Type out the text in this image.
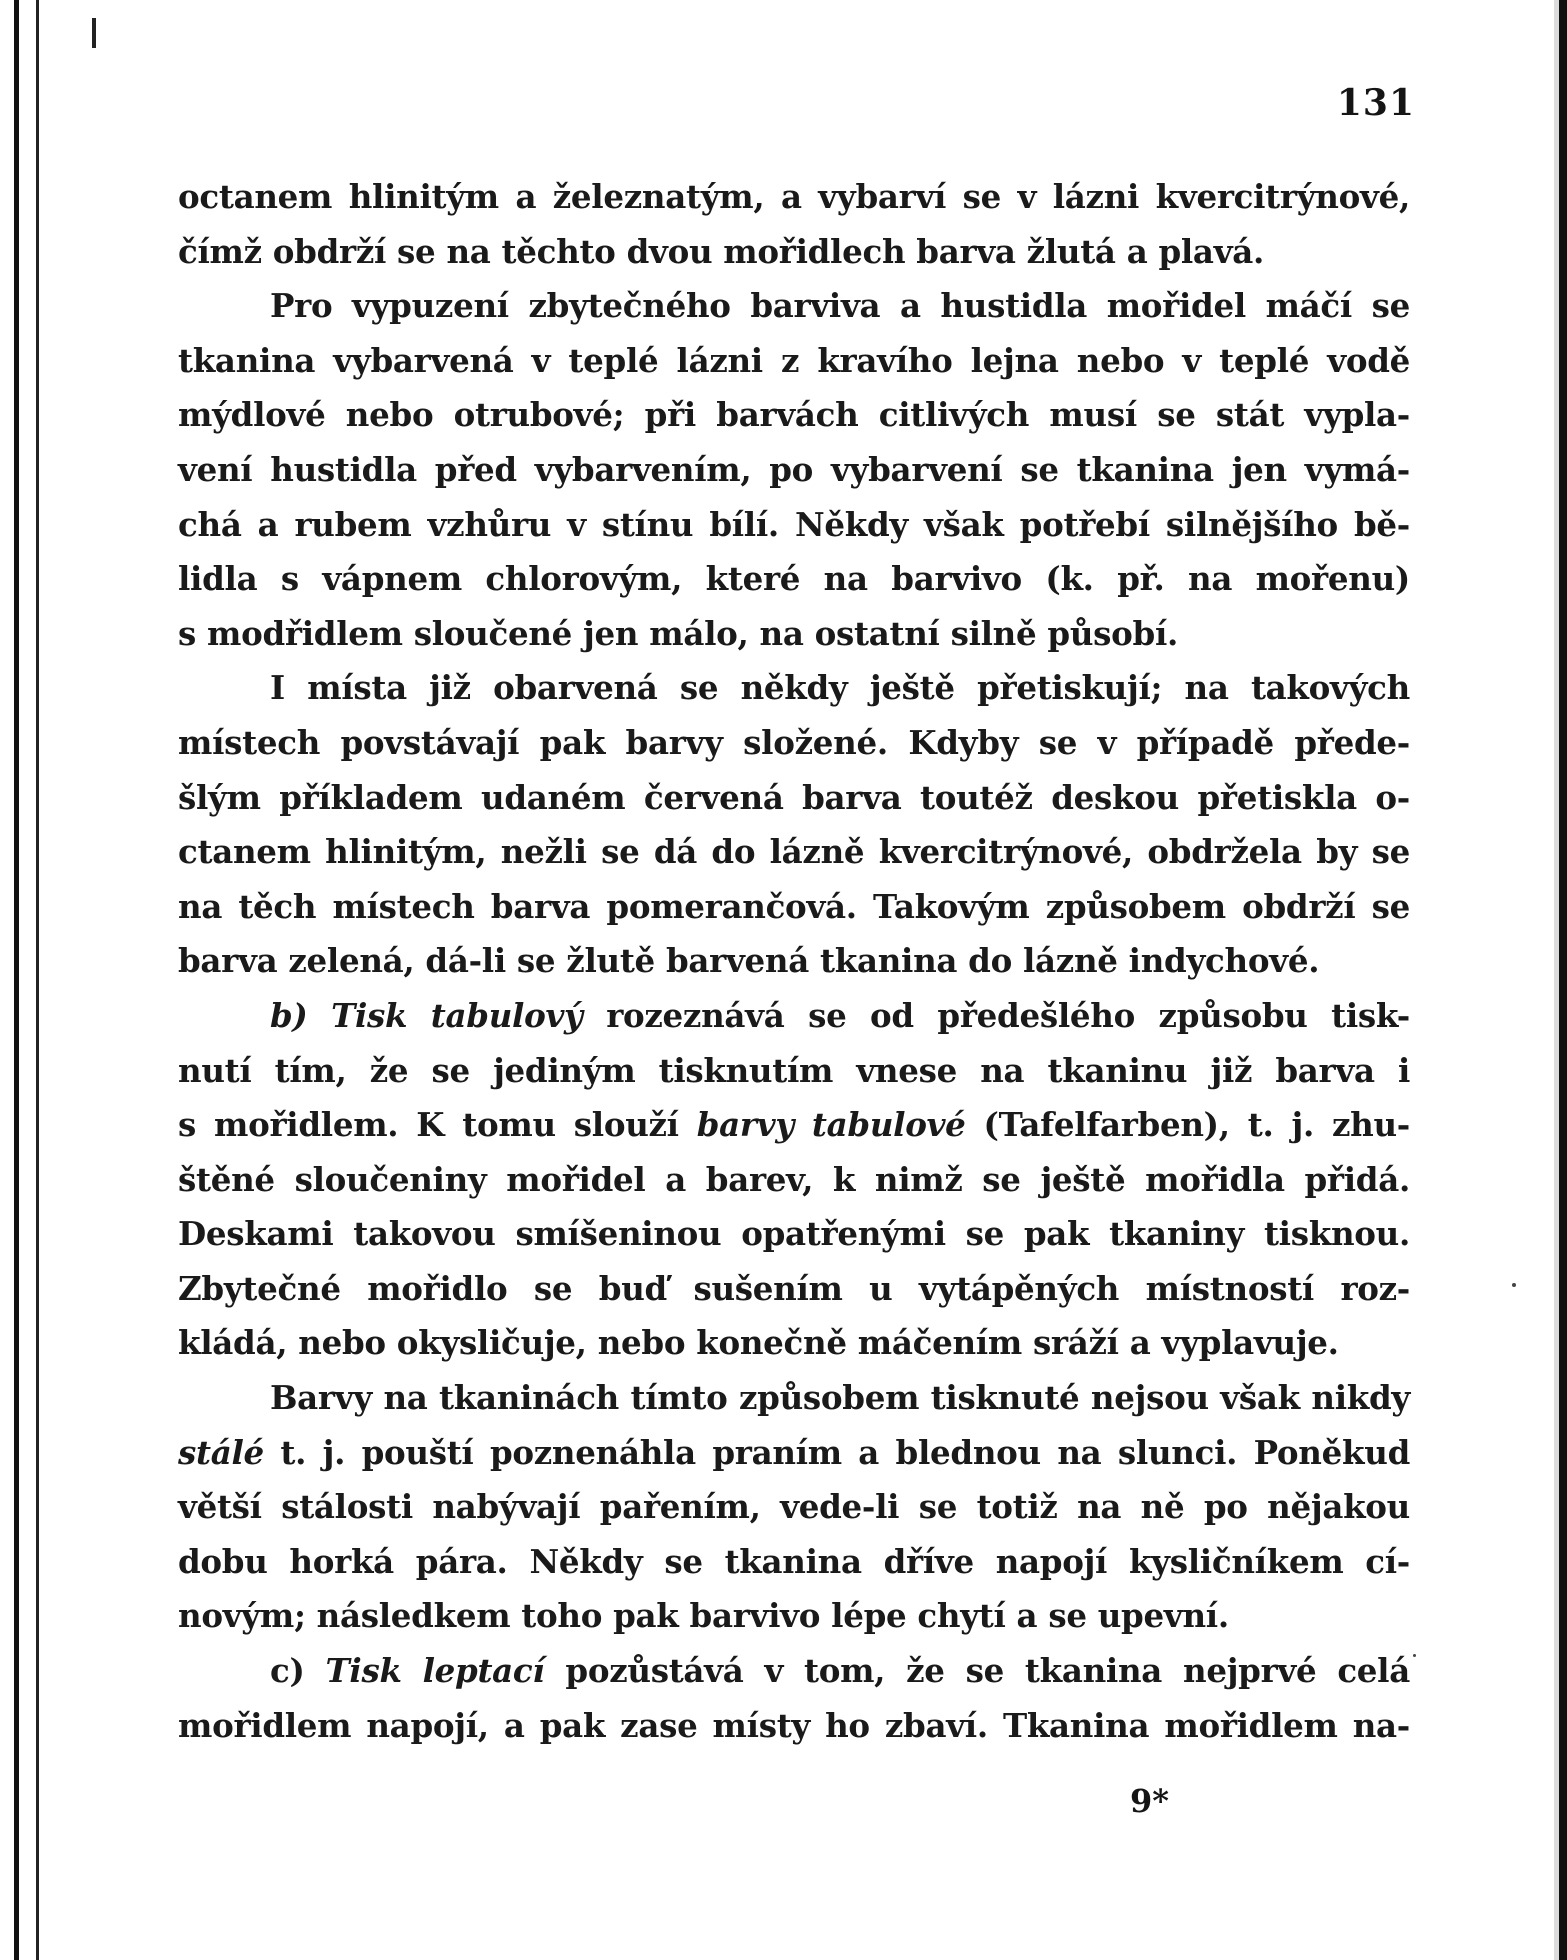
131
octanem hlinitým a železnatým, a vybarví se v lázni kvercitrýnové,
čímž obdrží se na těchto dvou mořidlech barva žlutá a plavá.
Pro vypuzení zbytečného barviva a hustidla mořidel máčí se
tkanina vybarvená v teplé lázni z kravího lejna nebo v teplé vodě
mýdlové nebo otrubové; při barvách citlivých musí se stát vypla-
vení hustidla před vybarvením, po vybarvení se tkanina jen vymá-
chá a rubem vzhůru v stínu bílí. Někdy však potřebí silnějšího bě-
lidla s vápnem chlorovým, které na barvivo (k. př. na mořenu)
s modřidlem sloučené jen málo, na ostatní silně působí.
I místa již obarvená se někdy ještě přetiskují; na takových
místech povstávají pak barvy složené. Kdyby se v případě přede-
šlým příkladem udaném červená barva toutéž deskou přetiskla o-
ctanem hlinitým, nežli se dá do lázně kvercitrýnové, obdržela by se
na těch místech barva pomerančová. Takovým způsobem obdrží se
barva zelená, dá-li se žlutě barvená tkanina do lázně indychové.
b) Tisk tabulový rozeznává se od předešlého způsobu tisk-
nutí tím, že se jediným tisknutím vnese na tkaninu již barva i
s mořidlem. K tomu slouží barvy tabulové (Tafelfarben), t. j. zhu-
štěné sloučeniny mořidel a barev, k nimž se ještě mořidla přidá.
Deskami takovou smíšeninou opatřenými se pak tkaniny tisknou.
Zbytečné mořidlo se buď sušením u vytápěných místností roz-
kládá, nebo okysličuje, nebo konečně máčením sráží a vyplavuje.
Barvy na tkaninách tímto způsobem tisknuté nejsou však nikdy
stálé t. j. pouští poznenáhla praním a blednou na slunci. Poněkud
větší stálosti nabývají pařením, vede-li se totiž na ně po nějakou
dobu horká pára. Někdy se tkanina dříve napojí kysličníkem cí-
novým; následkem toho pak barvivo lépe chytí a se upevní.
c) Tisk leptací pozůstává v tom, že se tkanina nejprvé celá
mořidlem napojí, a pak zase místy ho zbaví. Tkanina mořidlem na-
9*
